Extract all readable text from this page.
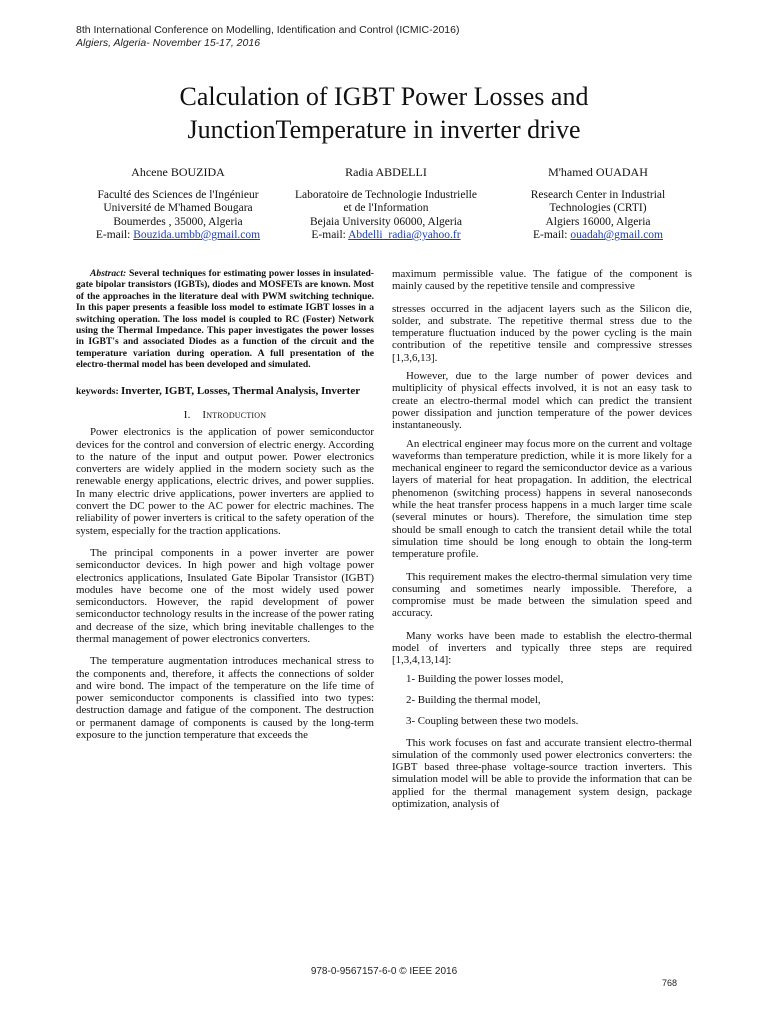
8th International Conference on Modelling, Identification and Control (ICMIC-2016)
Algiers, Algeria- November 15-17, 2016
Calculation of IGBT Power Losses and
JunctionTemperature in inverter drive
Ahcene BOUZIDA
Faculté des Sciences de l'Ingénieur
Université de M'hamed Bougara
Boumerdes , 35000, Algeria
E-mail: Bouzida.umbb@gmail.com
Radia ABDELLI
Laboratoire de Technologie Industrielle
et de l'Information
Bejaia University 06000, Algeria
E-mail: Abdelli_radia@yahoo.fr
M'hamed OUADAH
Research Center in Industrial
Technologies (CRTI)
Algiers 16000, Algeria
E-mail: ouadah@gmail.com

Abstract: Several techniques for estimating power losses in insulated-gate bipolar transistors (IGBTs), diodes and MOSFETs are known. Most of the approaches in the literature deal with PWM switching technique. In this paper presents a feasible loss model to estimate IGBT losses in a switching operation. The loss model is coupled to RC (Foster) Network using the Thermal Impedance. This paper investigates the power losses in IGBT's and associated Diodes as a function of the circuit and the temperature variation during operation. A full presentation of the electro-thermal model has been developed and simulated.

keywords: Inverter, IGBT, Losses, Thermal Analysis, Inverter

I. Introduction

Power electronics is the application of power semiconductor devices for the control and conversion of electric energy. According to the nature of the input and output power. Power electronics converters are widely applied in the modern society such as the renewable energy applications, electric drives, and power supplies. In many electric drive applications, power inverters are applied to convert the DC power to the AC power for electric machines. The reliability of power inverters is critical to the safety operation of the system, especially for the traction applications.

The principal components in a power inverter are power semiconductor devices. In high power and high voltage power electronics applications, Insulated Gate Bipolar Transistor (IGBT) modules have become one of the most widely used power semiconductors. However, the rapid development of power semiconductor technology results in the increase of the power rating and decrease of the size, which bring inevitable challenges to the thermal management of power electronics converters.

The temperature augmentation introduces mechanical stress to the components and, therefore, it affects the connections of solder and wire bond. The impact of the temperature on the life time of power semiconductor components is classified into two types: destruction damage and fatigue of the component. The destruction or permanent damage of components is caused by the long-term exposure to the junction temperature that exceeds the

maximum permissible value. The fatigue of the component is mainly caused by the repetitive tensile and compressive

stresses occurred in the adjacent layers such as the Silicon die, solder, and substrate. The repetitive thermal stress due to the temperature fluctuation induced by the power cycling is the main contribution of the repetitive tensile and compressive stresses [1,3,6,13].

However, due to the large number of power devices and multiplicity of physical effects involved, it is not an easy task to create an electro-thermal model which can predict the transient power dissipation and junction temperature of the power devices instantaneously.

An electrical engineer may focus more on the current and voltage waveforms than temperature prediction, while it is more likely for a mechanical engineer to regard the semiconductor device as a various layers of material for heat propagation. In addition, the electrical phenomenon (switching process) happens in several nanoseconds while the heat transfer process happens in a much larger time scale (several minutes or hours). Therefore, the simulation time step should be small enough to catch the transient detail while the total simulation time should be long enough to obtain the long-term temperature profile.

This requirement makes the electro-thermal simulation very time consuming and sometimes nearly impossible. Therefore, a compromise must be made between the simulation speed and accuracy.

Many works have been made to establish the electro-thermal model of inverters and typically three steps are required [1,3,4,13,14]:

1- Building the power losses model,
2- Building the thermal model,
3- Coupling between these two models.

This work focuses on fast and accurate transient electro-thermal simulation of the commonly used power electronics converters: the IGBT based three-phase voltage-source traction inverters. This simulation model will be able to provide the information that can be applied for the thermal management system design, package optimization, analysis of

978-0-9567157-6-0 © IEEE 2016
768
